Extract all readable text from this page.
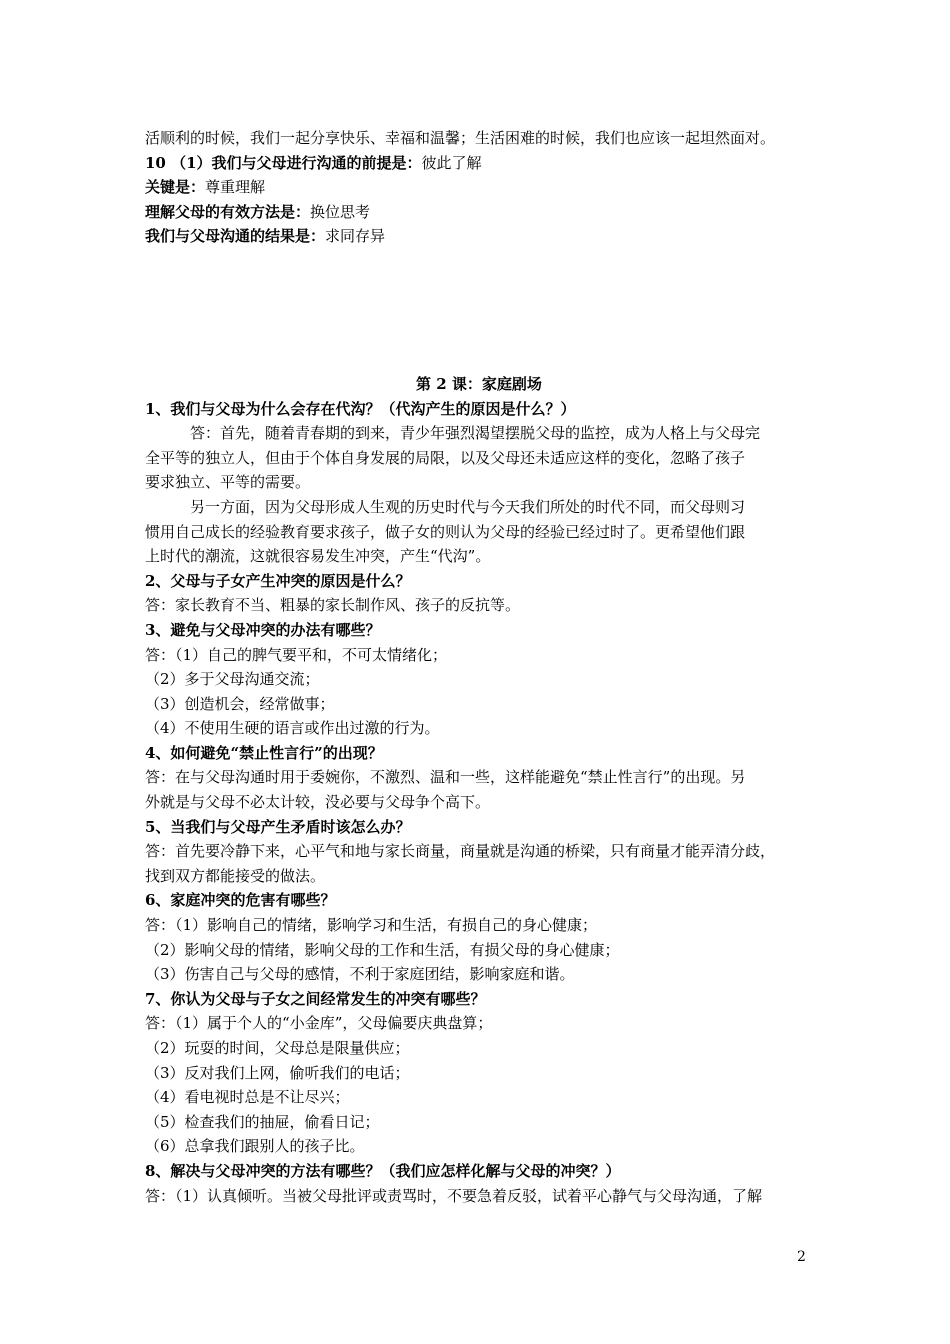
活顺利的时候，我们一起分享快乐、幸福和温馨；生活困难的时候，我们也应该一起坦然面对。
10 （1）我们与父母进行沟通的前提是：彼此了解
关键是：尊重理解
理解父母的有效方法是：换位思考
我们与父母沟通的结果是：求同存异
第 2 课：家庭剧场
1、我们与父母为什么会存在代沟？（代沟产生的原因是什么？）
答：首先，随着青春期的到来，青少年强烈渴望摆脱父母的监控，成为人格上与父母完
全平等的独立人，但由于个体自身发展的局限，以及父母还未适应这样的变化，忽略了孩子
要求独立、平等的需要。
另一方面，因为父母形成人生观的历史时代与今天我们所处的时代不同，而父母则习
惯用自己成长的经验教育要求孩子，做子女的则认为父母的经验已经过时了。更希望他们跟
上时代的潮流，这就很容易发生冲突，产生“代沟”。
2、父母与子女产生冲突的原因是什么？
答：家长教育不当、粗暴的家长制作风、孩子的反抗等。
3、避免与父母冲突的办法有哪些？
答：（1）自己的脾气要平和，不可太情绪化；
（2）多于父母沟通交流；
（3）创造机会，经常做事；
（4）不使用生硬的语言或作出过激的行为。
4、如何避免“禁止性言行”的出现？
答：在与父母沟通时用于委婉你，不激烈、温和一些，这样能避免“禁止性言行”的出现。另
外就是与父母不必太计较，没必要与父母争个高下。
5、当我们与父母产生矛盾时该怎么办？
答：首先要冷静下来，心平气和地与家长商量，商量就是沟通的桥梁，只有商量才能弄清分歧，
找到双方都能接受的做法。
6、家庭冲突的危害有哪些？
答：（1）影响自己的情绪，影响学习和生活，有损自己的身心健康；
（2）影响父母的情绪，影响父母的工作和生活，有损父母的身心健康；
（3）伤害自己与父母的感情，不利于家庭团结，影响家庭和谐。
7、你认为父母与子女之间经常发生的冲突有哪些？
答：（1）属于个人的“小金库”，父母偏要庆典盘算；
（2）玩耍的时间，父母总是限量供应；
（3）反对我们上网，偷听我们的电话；
（4）看电视时总是不让尽兴；
（5）检查我们的抽屉，偷看日记；
（6）总拿我们跟别人的孩子比。
8、解决与父母冲突的方法有哪些？（我们应怎样化解与父母的冲突？）
答：（1）认真倾听。当被父母批评或责骂时，不要急着反驳，试着平心静气与父母沟通，了解
2
